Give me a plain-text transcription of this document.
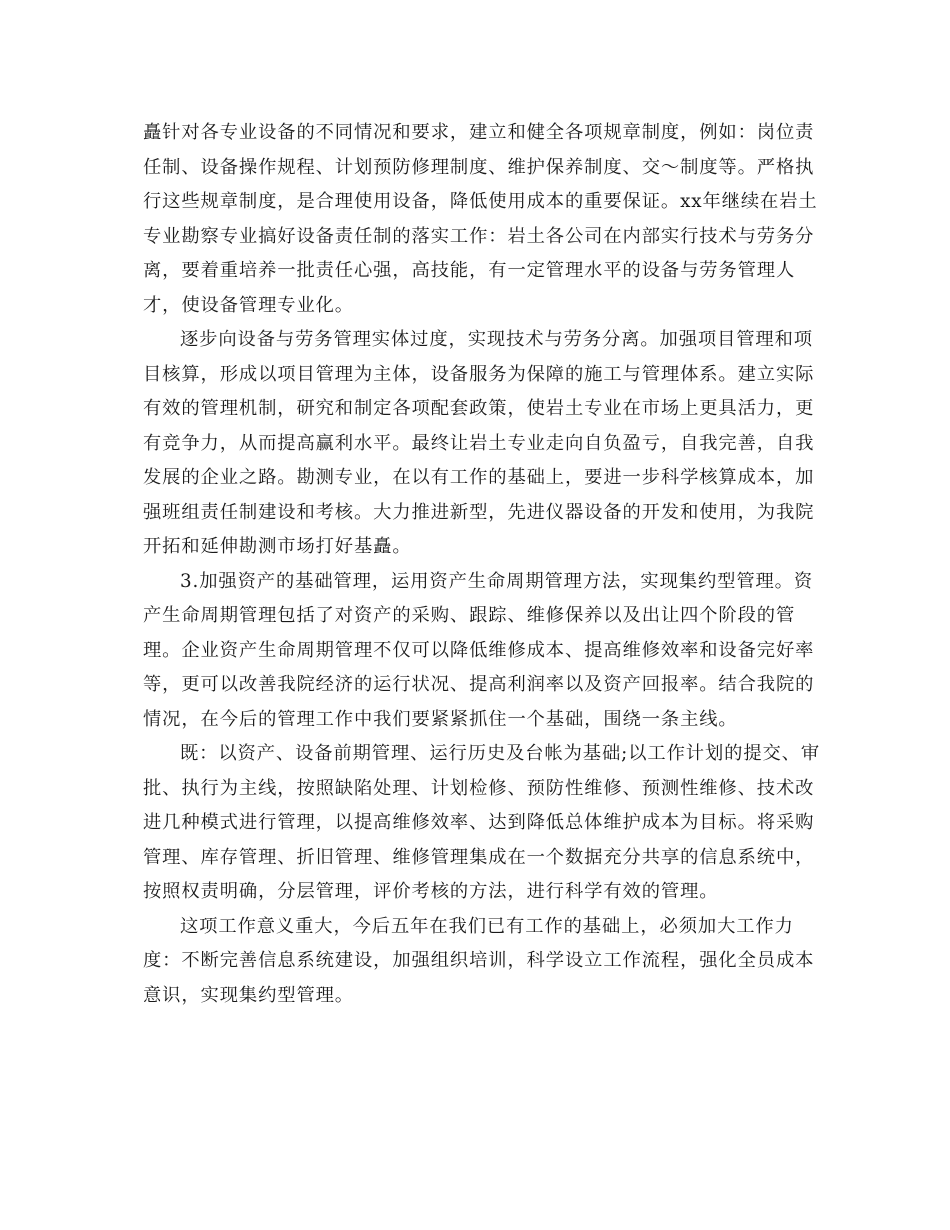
矗针对各专业设备的不同情况和要求，建立和健全各项规章制度，例如：岗位责
任制、设备操作规程、计划预防修理制度、维护保养制度、交～制度等。严格执
行这些规章制度，是合理使用设备，降低使用成本的重要保证。xx年继续在岩土
专业勘察专业搞好设备责任制的落实工作：岩土各公司在内部实行技术与劳务分
离，要着重培养一批责任心强，高技能，有一定管理水平的设备与劳务管理人
才，使设备管理专业化。
逐步向设备与劳务管理实体过度，实现技术与劳务分离。加强项目管理和项
目核算，形成以项目管理为主体，设备服务为保障的施工与管理体系。建立实际
有效的管理机制，研究和制定各项配套政策，使岩土专业在市场上更具活力，更
有竞争力，从而提高赢利水平。最终让岩土专业走向自负盈亏，自我完善，自我
发展的企业之路。勘测专业，在以有工作的基础上，要进一步科学核算成本，加
强班组责任制建设和考核。大力推进新型，先进仪器设备的开发和使用，为我院
开拓和延伸勘测市场打好基矗。
3.加强资产的基础管理，运用资产生命周期管理方法，实现集约型管理。资
产生命周期管理包括了对资产的采购、跟踪、维修保养以及出让四个阶段的管
理。企业资产生命周期管理不仅可以降低维修成本、提高维修效率和设备完好率
等，更可以改善我院经济的运行状况、提高利润率以及资产回报率。结合我院的
情况，在今后的管理工作中我们要紧紧抓住一个基础，围绕一条主线。
既：以资产、设备前期管理、运行历史及台帐为基础;以工作计划的提交、审
批、执行为主线，按照缺陷处理、计划检修、预防性维修、预测性维修、技术改
进几种模式进行管理，以提高维修效率、达到降低总体维护成本为目标。将采购
管理、库存管理、折旧管理、维修管理集成在一个数据充分共享的信息系统中，
按照权责明确，分层管理，评价考核的方法，进行科学有效的管理。
这项工作意义重大，今后五年在我们已有工作的基础上，必须加大工作力
度：不断完善信息系统建设，加强组织培训，科学设立工作流程，强化全员成本
意识，实现集约型管理。
